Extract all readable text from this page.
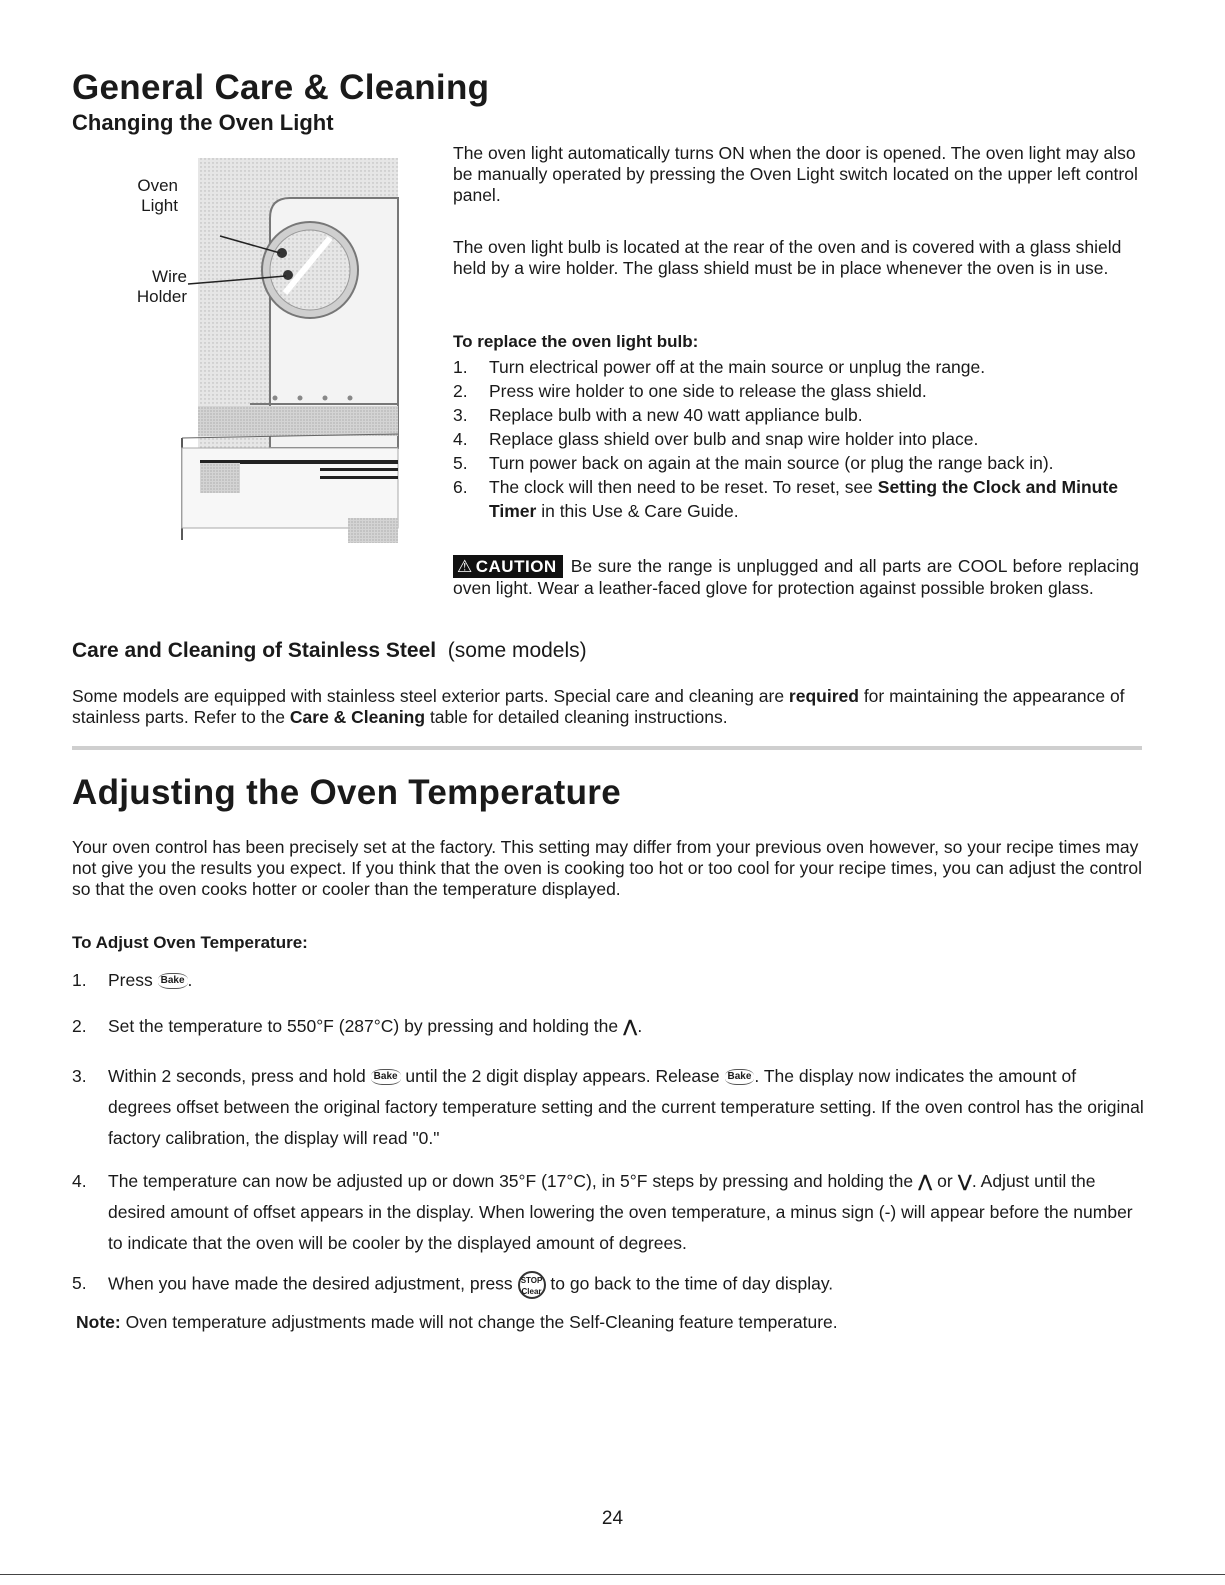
General Care & Cleaning
Changing the Oven Light
Oven
Light
Wire
Holder

The oven light automatically turns ON when the door is opened. The oven light may also be manually operated by pressing the Oven Light switch located on the upper left control panel.

The oven light bulb is located at the rear of the oven and is covered with a glass shield held by a wire holder. The glass shield must be in place whenever the oven is in use.

To replace the oven light bulb:
1. Turn electrical power off at the main source or unplug the range.
2. Press wire holder to one side to release the glass shield.
3. Replace bulb with a new 40 watt appliance bulb.
4. Replace glass shield over bulb and snap wire holder into place.
5. Turn power back on again at the main source (or plug the range back in).
6. The clock will then need to be reset. To reset, see Setting the Clock and Minute Timer in this Use & Care Guide.

⚠ CAUTION Be sure the range is unplugged and all parts are COOL before replacing oven light. Wear a leather-faced glove for protection against possible broken glass.

Care and Cleaning of Stainless Steel (some models)

Some models are equipped with stainless steel exterior parts. Special care and cleaning are required for maintaining the appearance of stainless parts. Refer to the Care & Cleaning table for detailed cleaning instructions.

Adjusting the Oven Temperature

Your oven control has been precisely set at the factory. This setting may differ from your previous oven however, so your recipe times may not give you the results you expect. If you think that the oven is cooking too hot or too cool for your recipe times, you can adjust the control so that the oven cooks hotter or cooler than the temperature displayed.

To Adjust Oven Temperature:
1. Press Bake .
2. Set the temperature to 550°F (287°C) by pressing and holding the ⋀.
3. Within 2 seconds, press and hold Bake until the 2 digit display appears. Release Bake . The display now indicates the amount of degrees offset between the original factory temperature setting and the current temperature setting. If the oven control has the original factory calibration, the display will read "0."
4. The temperature can now be adjusted up or down 35°F (17°C), in 5°F steps by pressing and holding the ⋀ or ⋁. Adjust until the desired amount of offset appears in the display. When lowering the oven temperature, a minus sign (-) will appear before the number to indicate that the oven will be cooler by the displayed amount of degrees.
5. When you have made the desired adjustment, press STOP
Clear to go back to the time of day display.

Note: Oven temperature adjustments made will not change the Self-Cleaning feature temperature.

24
